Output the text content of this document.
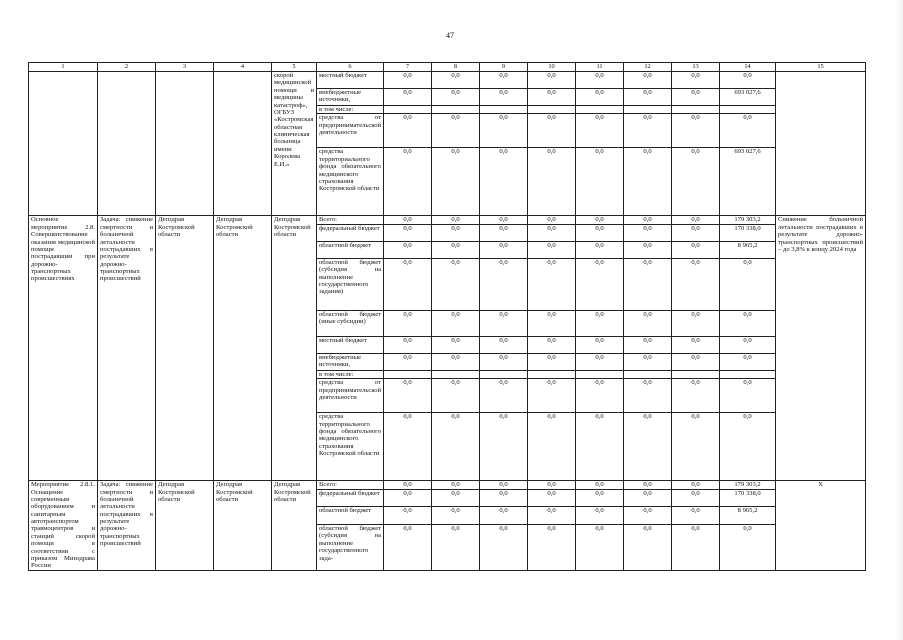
47
1	2	3	4	5	6	7	8	9	10	11	12	13	14	15
				скорой медицинской помощи и медицины катастроф», ОГБУЗ «Костромская областная клиническая больница имени Королева Е.И.»	местный бюджет	0,0	0,0	0,0	0,0	0,0	0,0	0,0	0,0	
					внебюджетные источники,	0,0	0,0	0,0	0,0	0,0	0,0	0,0	693 027,6	
					в том числе:									
					средства от предпринимательской деятельности	0,0	0,0	0,0	0,0	0,0	0,0	0,0	0,0	
					средства территориального фонда обязательного медицинского страхования Костромской области	0,0	0,0	0,0	0,0	0,0	0,0	0,0	693 027,6	
Основное мероприятие 2.8. Совершенствование оказания медицинской помощи пострадавшим при дорожно-транспортных происшествиях	Задача: снижение смертности и больничной летальности пострадавших в результате дорожно-транспортных происшествий	Депздрав Костромской области	Депздрав Костромской области	Депздрав Костромской области	Всего:	0,0	0,0	0,0	0,0	0,0	0,0	0,0	179 303,2	Снижение больничной летальности пострадавших в результате дорожно-транспортных происшествий – до 3,8% к концу 2024 года
					федеральный бюджет	0,0	0,0	0,0	0,0	0,0	0,0	0,0	170 338,0	
					областной бюджет	0,0	0,0	0,0	0,0	0,0	0,0	0,0	8 965,2	
					областной бюджет (субсидия на выполнение государственного задания)	0,0	0,0	0,0	0,0	0,0	0,0	0,0	0,0	
					областной бюджет (иные субсидии)	0,0	0,0	0,0	0,0	0,0	0,0	0,0	0,0	
					местный бюджет	0,0	0,0	0,0	0,0	0,0	0,0	0,0	0,0	
					внебюджетные источники,	0,0	0,0	0,0	0,0	0,0	0,0	0,0	0,0	
					в том числе:									
					средства от предпринимательской деятельности	0,0	0,0	0,0	0,0	0,0	0,0	0,0	0,0	
					средства территориального фонда обязательного медицинского страхования Костромской области	0,0	0,0	0,0	0,0	0,0	0,0	0,0	0,0	
Мероприятие 2.8.1. Оснащение современным оборудованием и санитарным автотранспортом травмоцентров и станций скорой помощи в соответствии с приказом Минздрава России	Задача: снижение смертности и больничной летальности пострадавших в результате дорожно-транспортных происшествий	Депздрав Костромской области	Депздрав Костромской области	Депздрав Костромской области	Всего:	0,0	0,0	0,0	0,0	0,0	0,0	0,0	179 303,2	Х

					федеральный бюджет	0,0	0,0	0,0	0,0	0,0	0,0	0,0	170 338,0	
					областной бюджет	0,0	0,0	0,0	0,0	0,0	0,0	0,0	8 965,2	
					областной бюджет (субсидия на выполнение государственного зада-	0,0	0,0	0,0	0,0	0,0	0,0	0,0	0,0	
